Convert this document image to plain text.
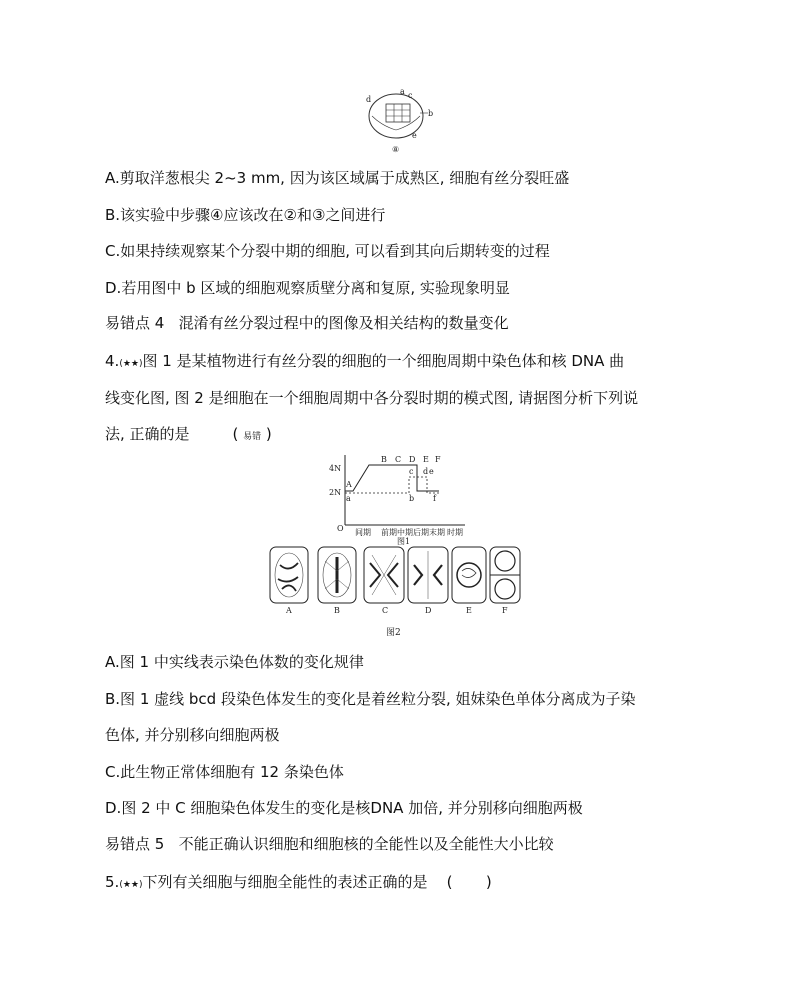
a
b
c
d
e
⑧
A.剪取洋葱根尖 2~3 mm, 因为该区域属于成熟区, 细胞有丝分裂旺盛
B.该实验中步骤④应该改在②和③之间进行
C.如果持续观察某个分裂中期的细胞, 可以看到其向后期转变的过程
D.若用图中 b 区域的细胞观察质壁分离和复原, 实验现象明显
易错点 4 混淆有丝分裂过程中的图像及相关结构的数量变化
4.(★★)图 1 是某植物进行有丝分裂的细胞的一个细胞周期中染色体和核 DNA 曲
线变化图, 图 2 是细胞在一个细胞周期中各分裂时期的模式图, 请据图分析下列说
法, 正确的是	( 易错 )
4N
2N
O
A
B C D E F
a	b
c d e
f
间期 前期中期后期末期 时期
图1
A	B	C	D	E	F
图2
A.图 1 中实线表示染色体数的变化规律
B.图 1 虚线 bcd 段染色体发生的变化是着丝粒分裂, 姐妹染色单体分离成为子染
色体, 并分别移向细胞两极
C.此生物正常体细胞有 12 条染色体
D.图 2 中 C 细胞染色体发生的变化是核DNA 加倍, 并分别移向细胞两极
易错点 5 不能正确认识细胞和细胞核的全能性以及全能性大小比较
5.(★★)下列有关细胞与细胞全能性的表述正确的是 ( )
